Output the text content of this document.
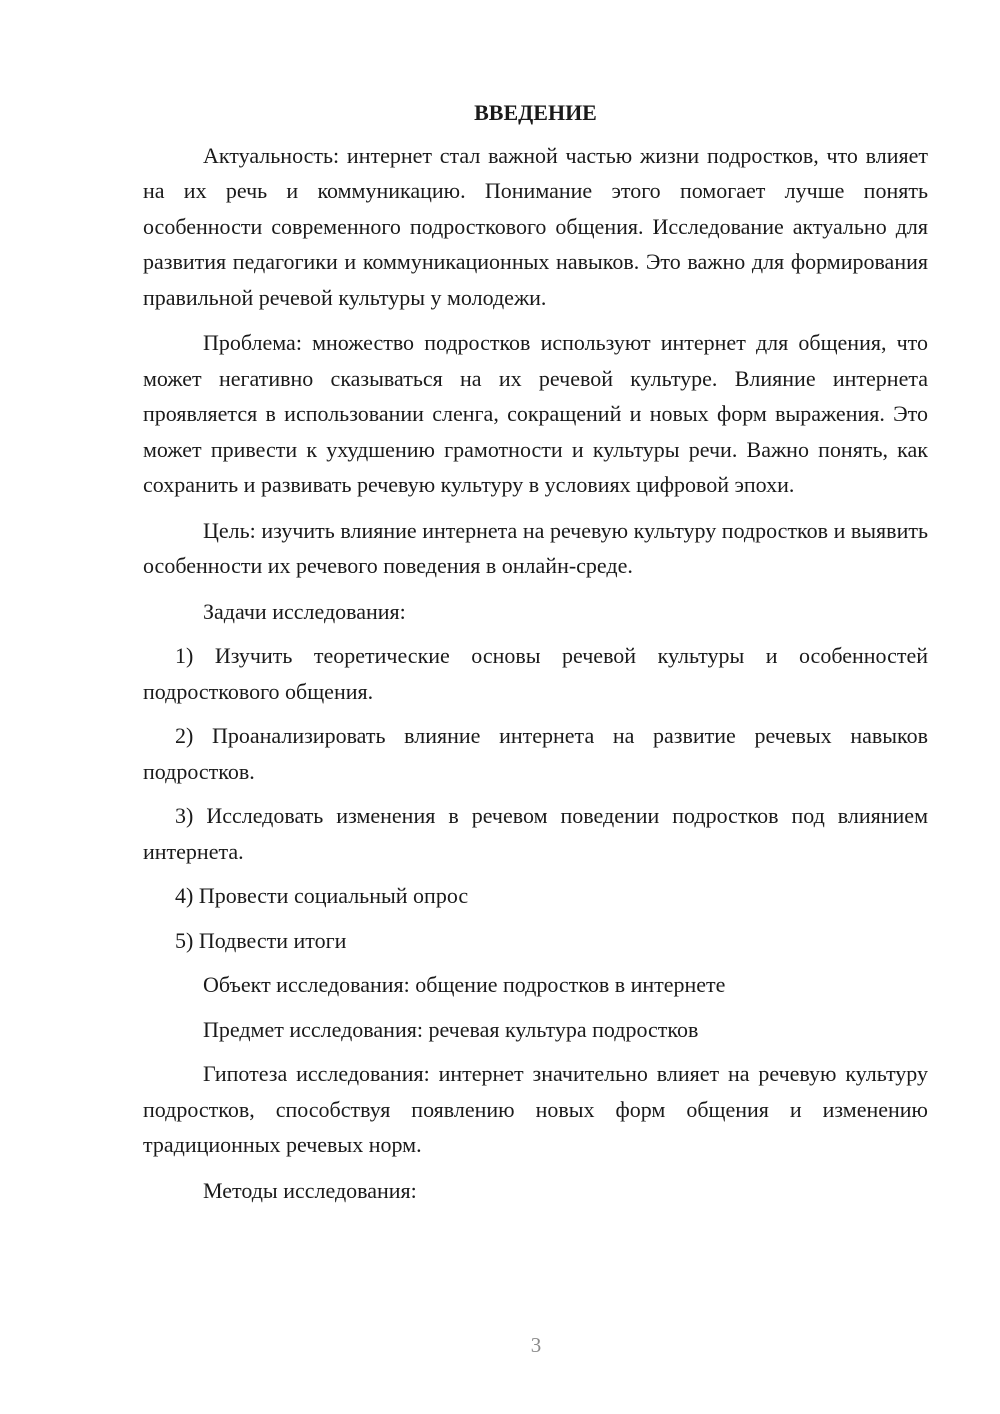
ВВЕДЕНИЕ

Актуальность: интернет стал важной частью жизни подростков, что влияет на их речь и коммуникацию. Понимание этого помогает лучше понять особенности современного подросткового общения. Исследование актуально для развития педагогики и коммуникационных навыков. Это важно для формирования правильной речевой культуры у молодежи.

Проблема: множество подростков используют интернет для общения, что может негативно сказываться на их речевой культуре. Влияние интернета проявляется в использовании сленга, сокращений и новых форм выражения. Это может привести к ухудшению грамотности и культуры речи. Важно понять, как сохранить и развивать речевую культуру в условиях цифровой эпохи.

Цель: изучить влияние интернета на речевую культуру подростков и выявить особенности их речевого поведения в онлайн-среде.

Задачи исследования:

1) Изучить теоретические основы речевой культуры и особенностей подросткового общения.

2) Проанализировать влияние интернета на развитие речевых навыков подростков.

3) Исследовать изменения в речевом поведении подростков под влиянием интернета.

4) Провести социальный опрос

5) Подвести итоги

Объект исследования: общение подростков в интернете

Предмет исследования: речевая культура подростков

Гипотеза исследования: интернет значительно влияет на речевую культуру подростков, способствуя появлению новых форм общения и изменению традиционных речевых норм.

Методы исследования:

3
